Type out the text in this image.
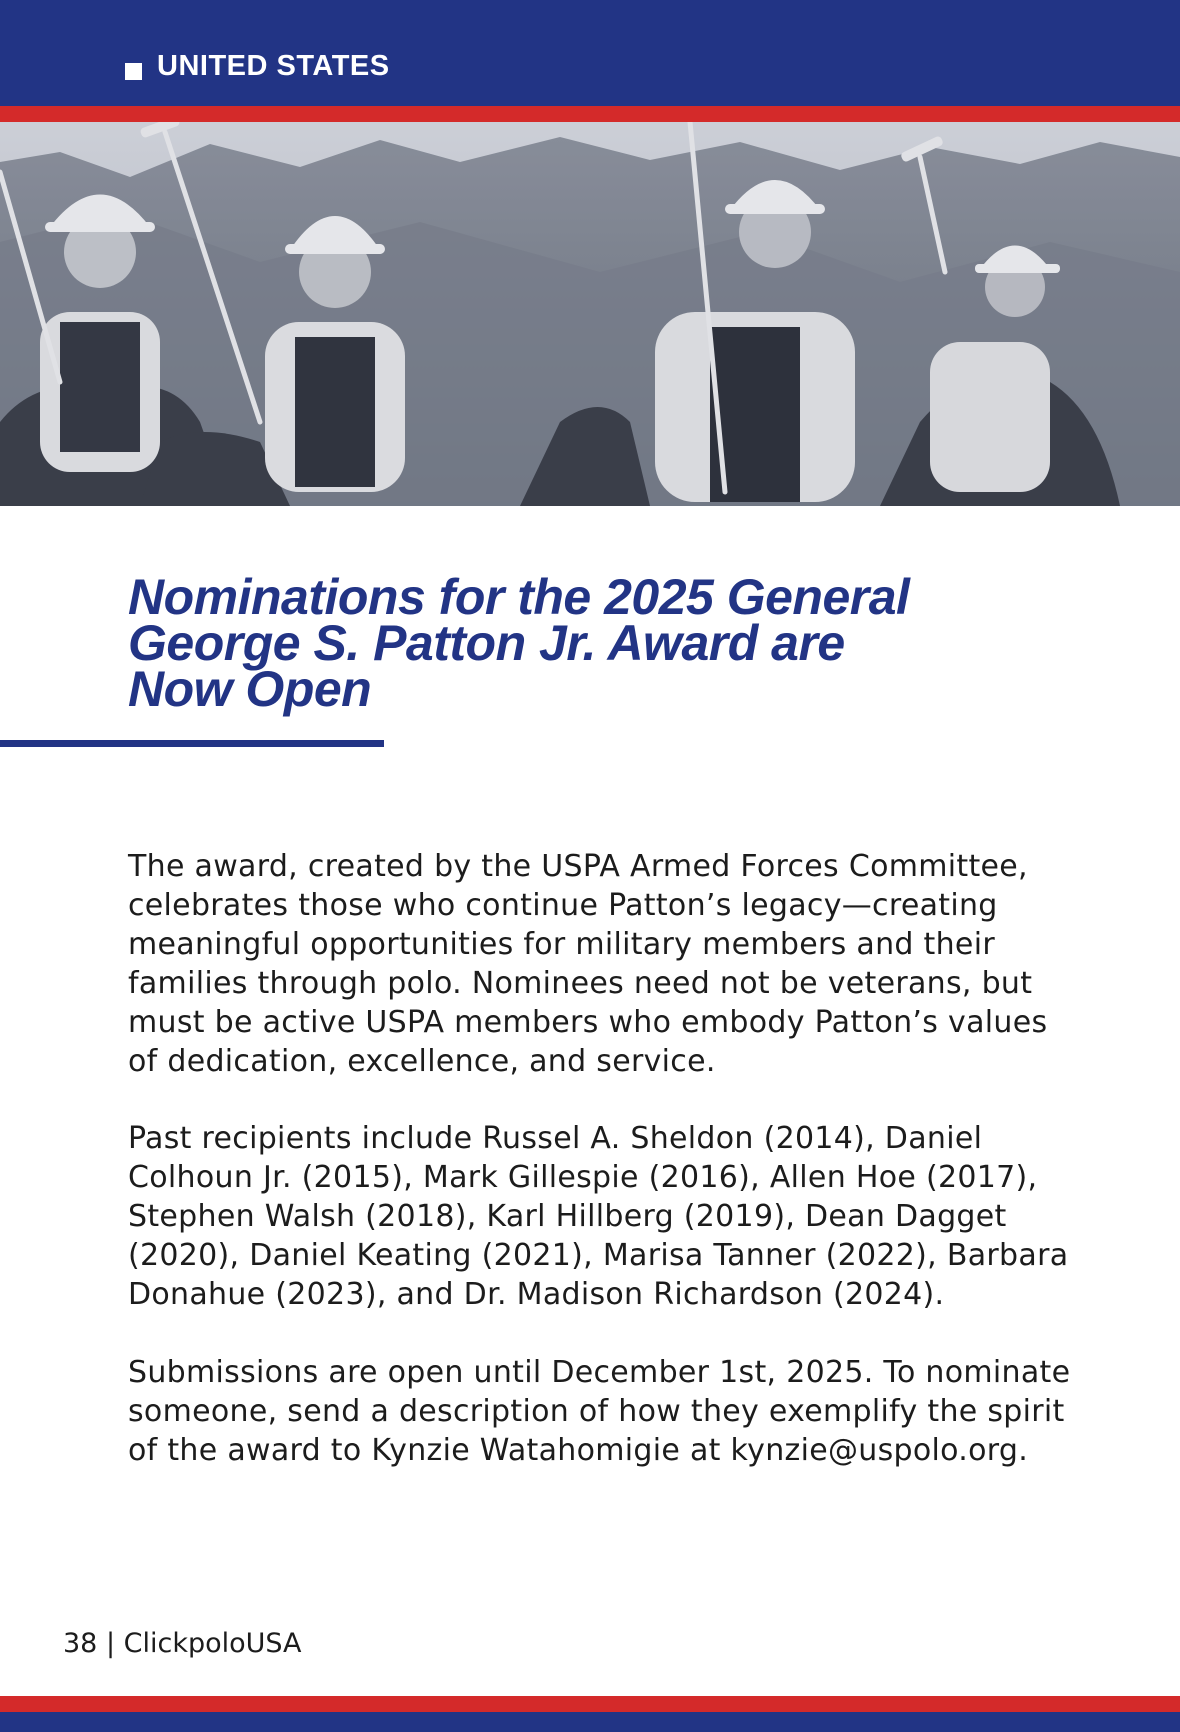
UNITED STATES
Nominations for the 2025 General
George S. Patton Jr. Award are
Now Open

The award, created by the USPA Armed Forces Committee,
celebrates those who continue Patton’s legacy—creating
meaningful opportunities for military members and their
families through polo. Nominees need not be veterans, but
must be active USPA members who embody Patton’s values
of dedication, excellence, and service.

Past recipients include Russel A. Sheldon (2014), Daniel
Colhoun Jr. (2015), Mark Gillespie (2016), Allen Hoe (2017),
Stephen Walsh (2018), Karl Hillberg (2019), Dean Dagget
(2020), Daniel Keating (2021), Marisa Tanner (2022), Barbara
Donahue (2023), and Dr. Madison Richardson (2024).

Submissions are open until December 1st, 2025. To nominate
someone, send a description of how they exemplify the spirit
of the award to Kynzie Watahomigie at kynzie@uspolo.org.

38 | ClickpoloUSA
